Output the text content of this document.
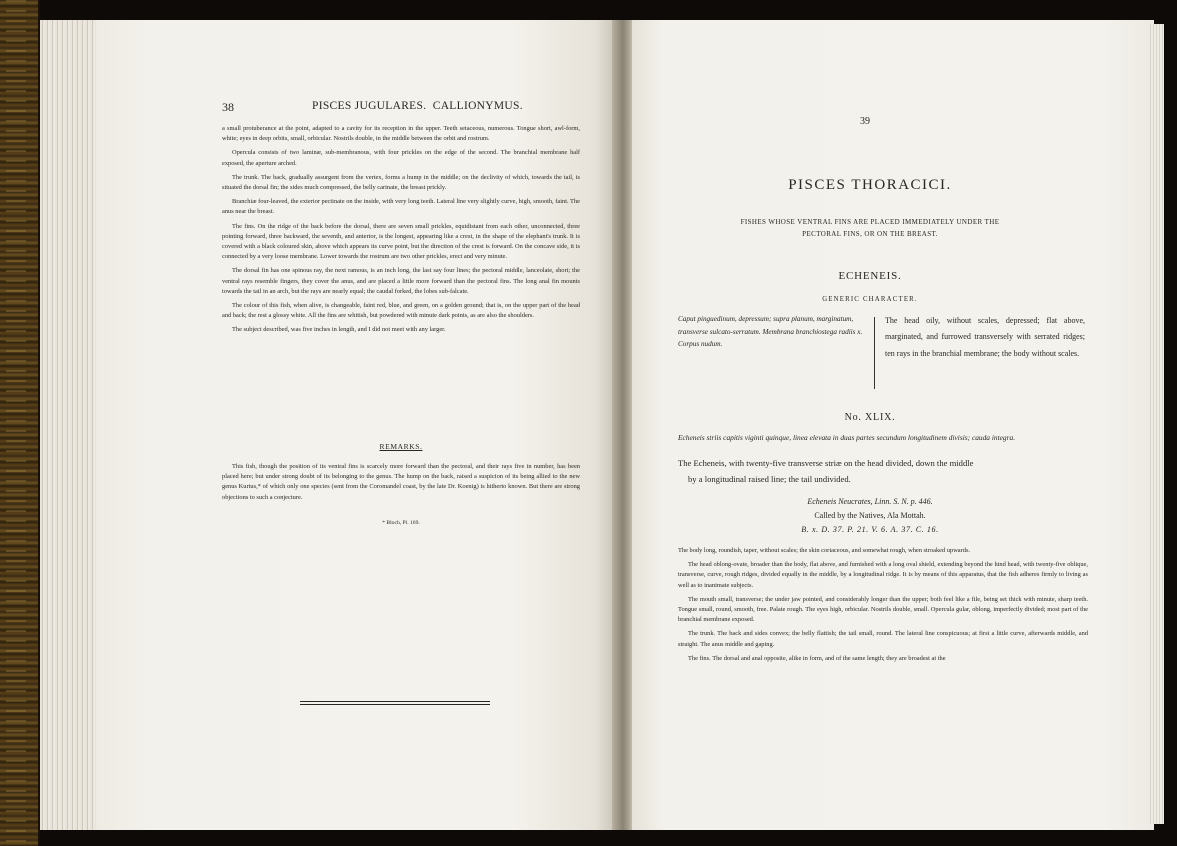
38	PISCES JUGULARES.  CALLIONYMUS.

a small protuberance at the point, adapted to a cavity for its reception in the upper. Teeth setaceous, numerous. Tongue short, awl-form, white; eyes in deep orbits, small, orbicular. Nostrils double, in the middle between the orbit and rostrum.

Opercula consists of two laminæ, sub-membranous, with four prickles on the edge of the second. The branchial membrane half exposed, the aperture arched.

The trunk. The back, gradually assurgent from the vertex, forms a hump in the middle; on the declivity of which, towards the tail, is situated the dorsal fin; the sides much compressed, the belly carinate, the breast prickly.

Branchiæ four-leaved, the exterior pectinate on the inside, with very long teeth. Lateral line very slightly curve, high, smooth, faint. The anus near the breast.

The fins. On the ridge of the back before the dorsal, there are seven small prickles, equidistant from each other, unconnected, three pointing forward, three backward, the seventh, and anterior, is the longest, appearing like a crest, in the shape of the elephant's trunk. It is covered with a black coloured skin, above which appears its curve point, but the direction of the crest is forward. On the concave side, it is connected by a very loose membrane. Lower towards the rostrum are two other prickles, erect and very minute.

The dorsal fin has one spinous ray, the next ramous, is an inch long, the last say four lines; the pectoral middle, lanceolate, short; the ventral rays resemble fingers, they cover the anus, and are placed a little more forward than the pectoral fins. The long anal fin mounts towards the tail in an arch, but the rays are nearly equal; the caudal forked, the lobes sub-falcate.

The colour of this fish, when alive, is changeable, faint red, blue, and green, on a golden ground; that is, on the upper part of the head and back; the rest a glossy white. All the fins are whitish, but powdered with minute dark points, as are also the shoulders.

The subject described, was five inches in length, and I did not meet with any larger.

REMARKS.

This fish, though the position of its ventral fins is scarcely more forward than the pectoral, and their rays five in number, has been placed here; but under strong doubt of its belonging to the genus. The hump on the back, raised a suspicion of its being allied to the new genus Kurtus,* of which only one species (sent from the Coromandel coast, by the late Dr. Koenig) is hitherto known. But there are strong objections to such a conjecture.

* Bloch, Pl. 169.
39
PISCES THORACICI.
FISHES WHOSE VENTRAL FINS ARE PLACED IMMEDIATELY UNDER THE
PECTORAL FINS, OR ON THE BREAST.
ECHENEIS.
GENERIC CHARACTER.

Caput pinguedinum, depressum; supra planum, marginatum, transverse sulcato-serratum. Membrana branchiostega radiis x. Corpus nudum.

The head oily, without scales, depressed; flat above, marginated, and furrowed transversely with serrated ridges; ten rays in the branchial membrane; the body without scales.

No. XLIX.

Echeneis striis capitis viginti quinque, linea elevata in duas partes secundum longitudinem divisis; cauda integra.

The Echeneis, with twenty-five transverse striæ on the head divided, down the middle
by a longitudinal raised line; the tail undivided.
Echeneis Neucrates, Linn. S. N. p. 446.
Called by the Natives, Ala Mottah.
B. x. D. 37. P. 21. V. 6. A. 37. C. 16.

The body long, roundish, taper, without scales; the skin coriaceous, and somewhat rough, when stroaked upwards.

The head oblong-ovate, broader than the body, flat above, and furnished with a long oval shield, extending beyond the hind head, with twenty-five oblique, transverse, curve, rough ridges, divided equally in the middle, by a longitudinal ridge. It is by means of this apparatus, that the fish adheres firmly to living as well as to inanimate subjects.

The mouth small, transverse; the under jaw pointed, and considerably longer than the upper; both feel like a file, being set thick with minute, sharp teeth. Tongue small, round, smooth, free. Palate rough. The eyes high, orbicular. Nostrils double, small. Opercula gular, oblong, imperfectly divided; most part of the branchial membrane exposed.

The trunk. The back and sides convex; the belly flattish; the tail small, round. The lateral line conspicuous; at first a little curve, afterwards middle, and straight. The anus middle and gaping.

The fins. The dorsal and anal opposite, alike in form, and of the same length; they are broadest at the
